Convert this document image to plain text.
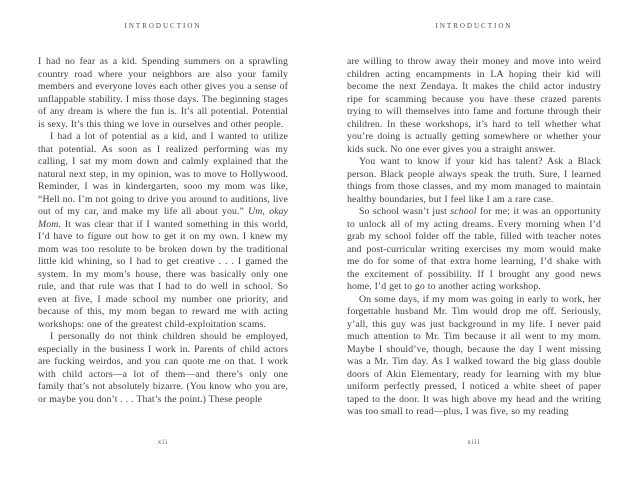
INTRODUCTION

I had no fear as a kid. Spending summers on a sprawling country road where your neighbors are also your family members and everyone loves each other gives you a sense of unflappable stability. I miss those days. The beginning stages of any dream is where the fun is. It’s all potential. Potential is sexy. It’s this thing we love in ourselves and other people.

I had a lot of potential as a kid, and I wanted to utilize that potential. As soon as I realized performing was my calling, I sat my mom down and calmly explained that the natural next step, in my opinion, was to move to Hollywood. Reminder, I was in kindergarten, sooo my mom was like, “Hell no. I’m not going to drive you around to auditions, live out of my car, and make my life all about you.” Um, okay Mom. It was clear that if I wanted something in this world, I’d have to figure out how to get it on my own. I knew my mom was too resolute to be broken down by the traditional little kid whining, so I had to get creative . . . I gamed the system. In my mom’s house, there was basically only one rule, and that rule was that I had to do well in school. So even at five, I made school my number one priority, and because of this, my mom began to reward me with acting workshops: one of the greatest child-exploitation scams.

I personally do not think children should be employed, especially in the business I work in. Parents of child actors are fucking weirdos, and you can quote me on that. I work with child actors—a lot of them—and there’s only one family that’s not absolutely bizarre. (You know who you are, or maybe you don’t . . . That’s the point.) These people

xii
INTRODUCTION

are willing to throw away their money and move into weird children acting encampments in LA hoping their kid will become the next Zendaya. It makes the child actor industry ripe for scamming because you have these crazed parents trying to will themselves into fame and fortune through their children. In these workshops, it’s hard to tell whether what you’re doing is actually getting somewhere or whether your kids suck. No one ever gives you a straight answer.

You want to know if your kid has talent? Ask a Black person. Black people always speak the truth. Sure, I learned things from those classes, and my mom managed to maintain healthy boundaries, but I feel like I am a rare case.

So school wasn’t just school for me; it was an opportunity to unlock all of my acting dreams. Every morning when I’d grab my school folder off the table, filled with teacher notes and post-curricular writing exercises my mom would make me do for some of that extra home learning, I’d shake with the excitement of possibility. If I brought any good news home, I’d get to go to another acting workshop.

On some days, if my mom was going in early to work, her forgettable husband Mr. Tim would drop me off. Seriously, y’all, this guy was just background in my life. I never paid much attention to Mr. Tim because it all went to my mom. Maybe I should’ve, though, because the day I went missing was a Mr. Tim day. As I walked toward the big glass double doors of Akin Elementary, ready for learning with my blue uniform perfectly pressed, I noticed a white sheet of paper taped to the door. It was high above my head and the writing was too small to read—plus, I was five, so my reading

xiii
